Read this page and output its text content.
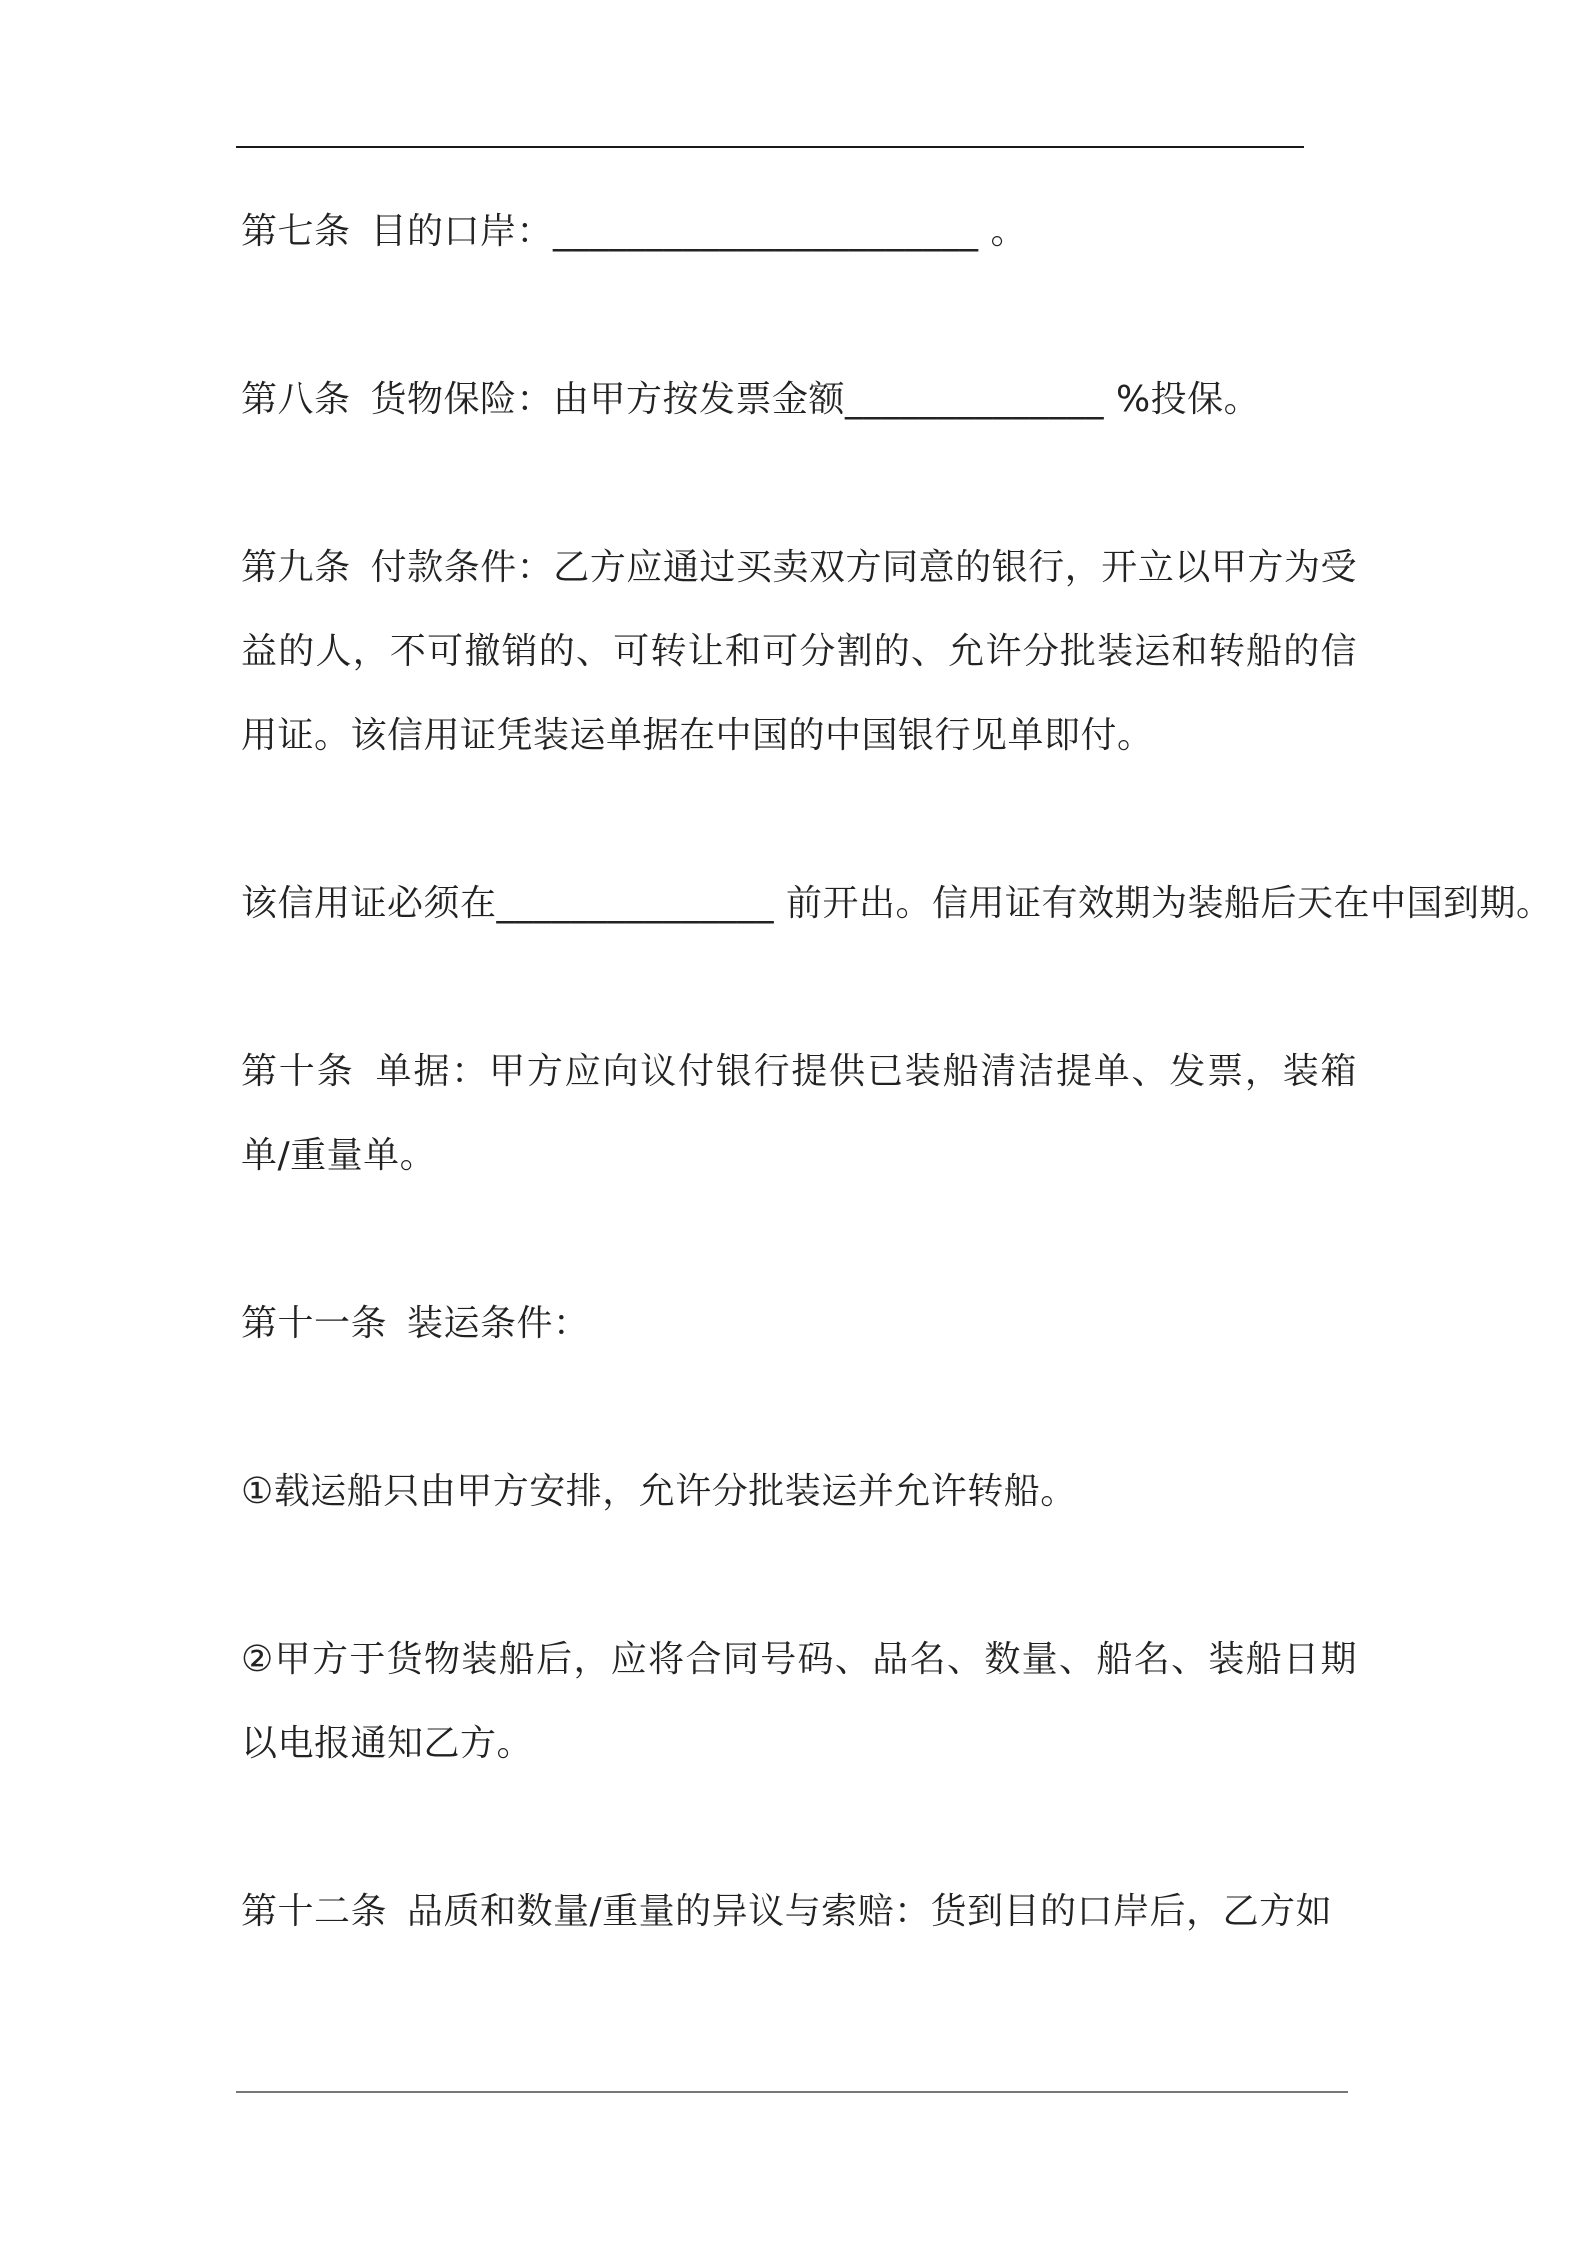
第七条 目的口岸：_______________________ 。

第八条 货物保险：由甲方按发票金额______________ %投保。

第九条 付款条件：乙方应通过买卖双方同意的银行，开立以甲方为受益的人，不可撤销的、可转让和可分割的、允许分批装运和转船的信用证。该信用证凭装运单据在中国的中国银行见单即付。

该信用证必须在_______________ 前开出。信用证有效期为装船后天在中国到期。

第十条 单据：甲方应向议付银行提供已装船清洁提单、发票，装箱单/重量单。

第十一条 装运条件：

①载运船只由甲方安排，允许分批装运并允许转船。

②甲方于货物装船后，应将合同号码、品名、数量、船名、装船日期以电报通知乙方。

第十二条 品质和数量/重量的异议与索赔：货到目的口岸后，乙方如
